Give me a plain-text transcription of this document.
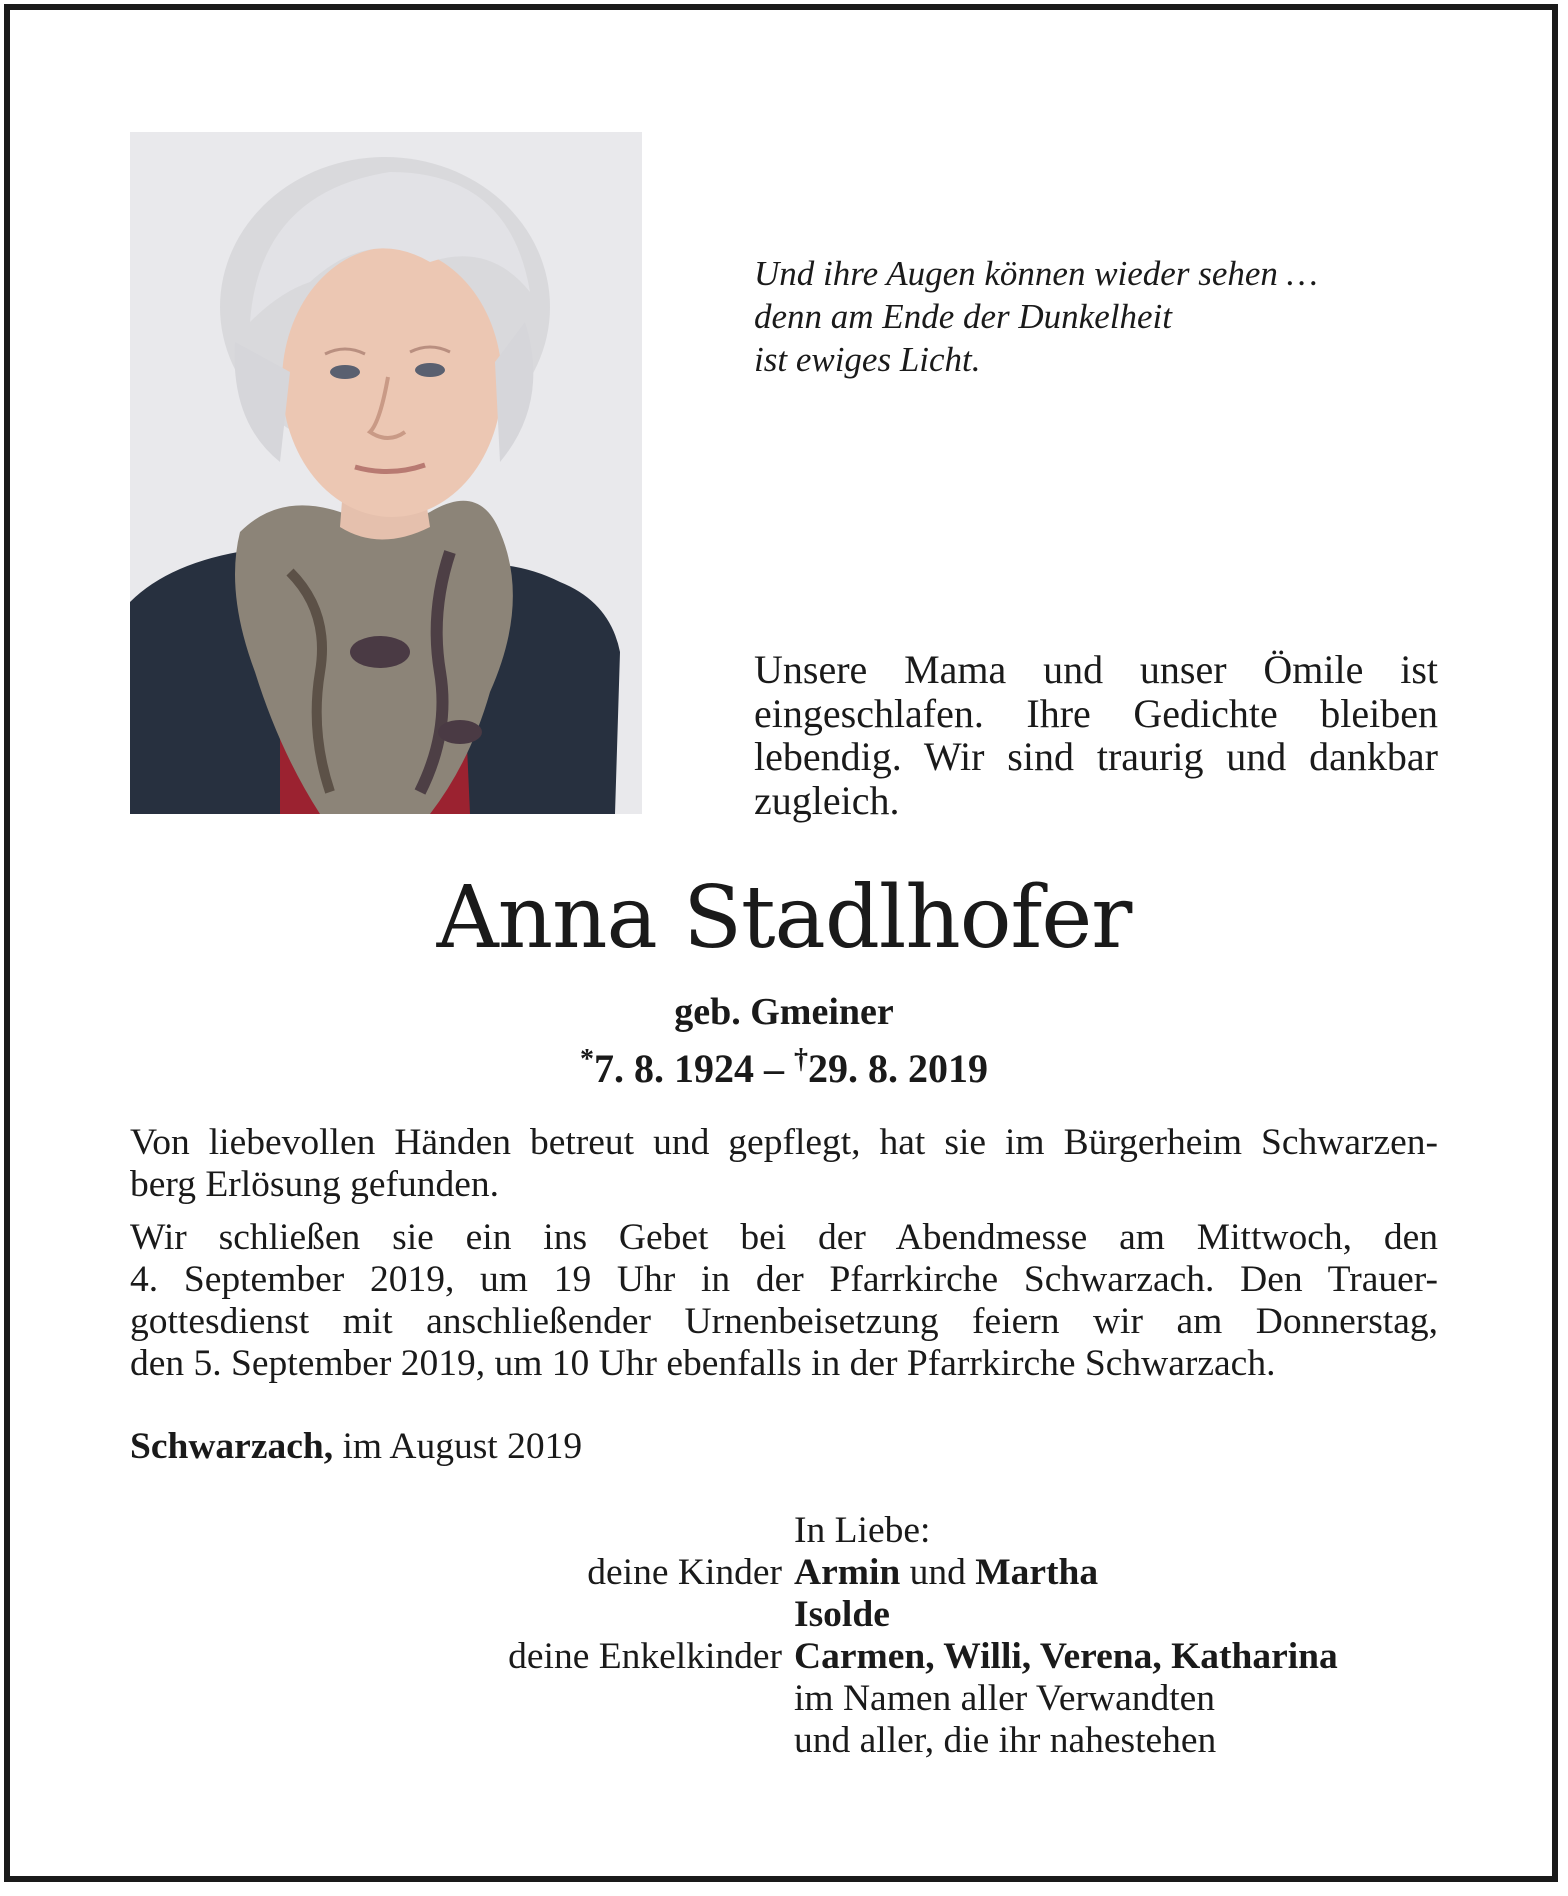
Und ihre Augen können wieder sehen …
denn am Ende der Dunkelheit
ist ewiges Licht.
Unsere Mama und unser Ömile ist eingeschlafen. Ihre Gedichte bleiben lebendig. Wir sind traurig und dankbar zugleich.
Anna Stadlhofer
geb. Gmeiner
*7. 8. 1924 – †29. 8. 2019
Von liebevollen Händen betreut und gepflegt, hat sie im Bürgerheim Schwarzen-
berg Erlösung gefunden.
Wir schließen sie ein ins Gebet bei der Abendmesse am Mittwoch, den
4. September 2019, um 19 Uhr in der Pfarrkirche Schwarzach. Den Trauer-
gottesdienst mit anschließender Urnenbeisetzung feiern wir am Donnerstag,
den 5. September 2019, um 10 Uhr ebenfalls in der Pfarrkirche Schwarzach.
Schwarzach, im August 2019
In Liebe:
deine Kinder Armin und Martha
Isolde
deine Enkelkinder Carmen, Willi, Verena, Katharina
im Namen aller Verwandten
und aller, die ihr nahestehen
